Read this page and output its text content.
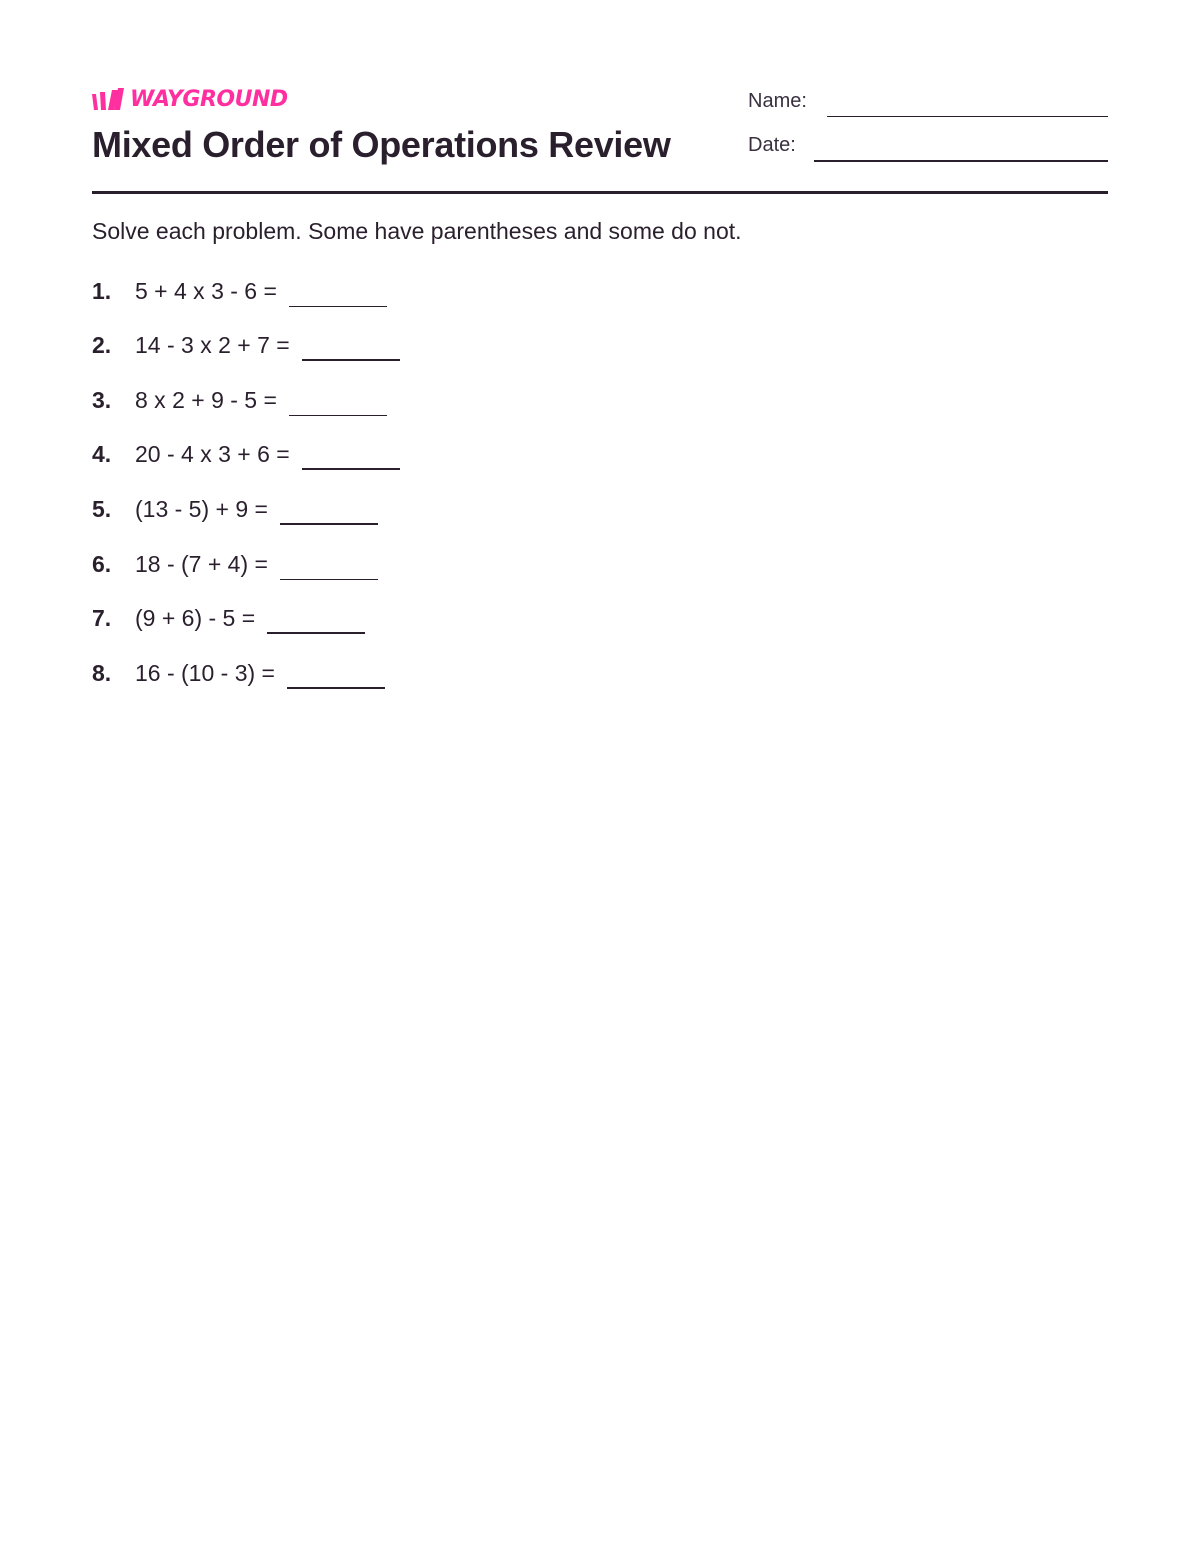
WAYGROUND
Mixed Order of Operations Review
Name:
Date:

Solve each problem. Some have parentheses and some do not.

1.	5 + 4 x 3 - 6 =
2.	14 - 3 x 2 + 7 =
3.	8 x 2 + 9 - 5 =
4.	20 - 4 x 3 + 6 =
5.	(13 - 5) + 9 =
6.	18 - (7 + 4) =
7.	(9 + 6) - 5 =
8.	16 - (10 - 3) =
